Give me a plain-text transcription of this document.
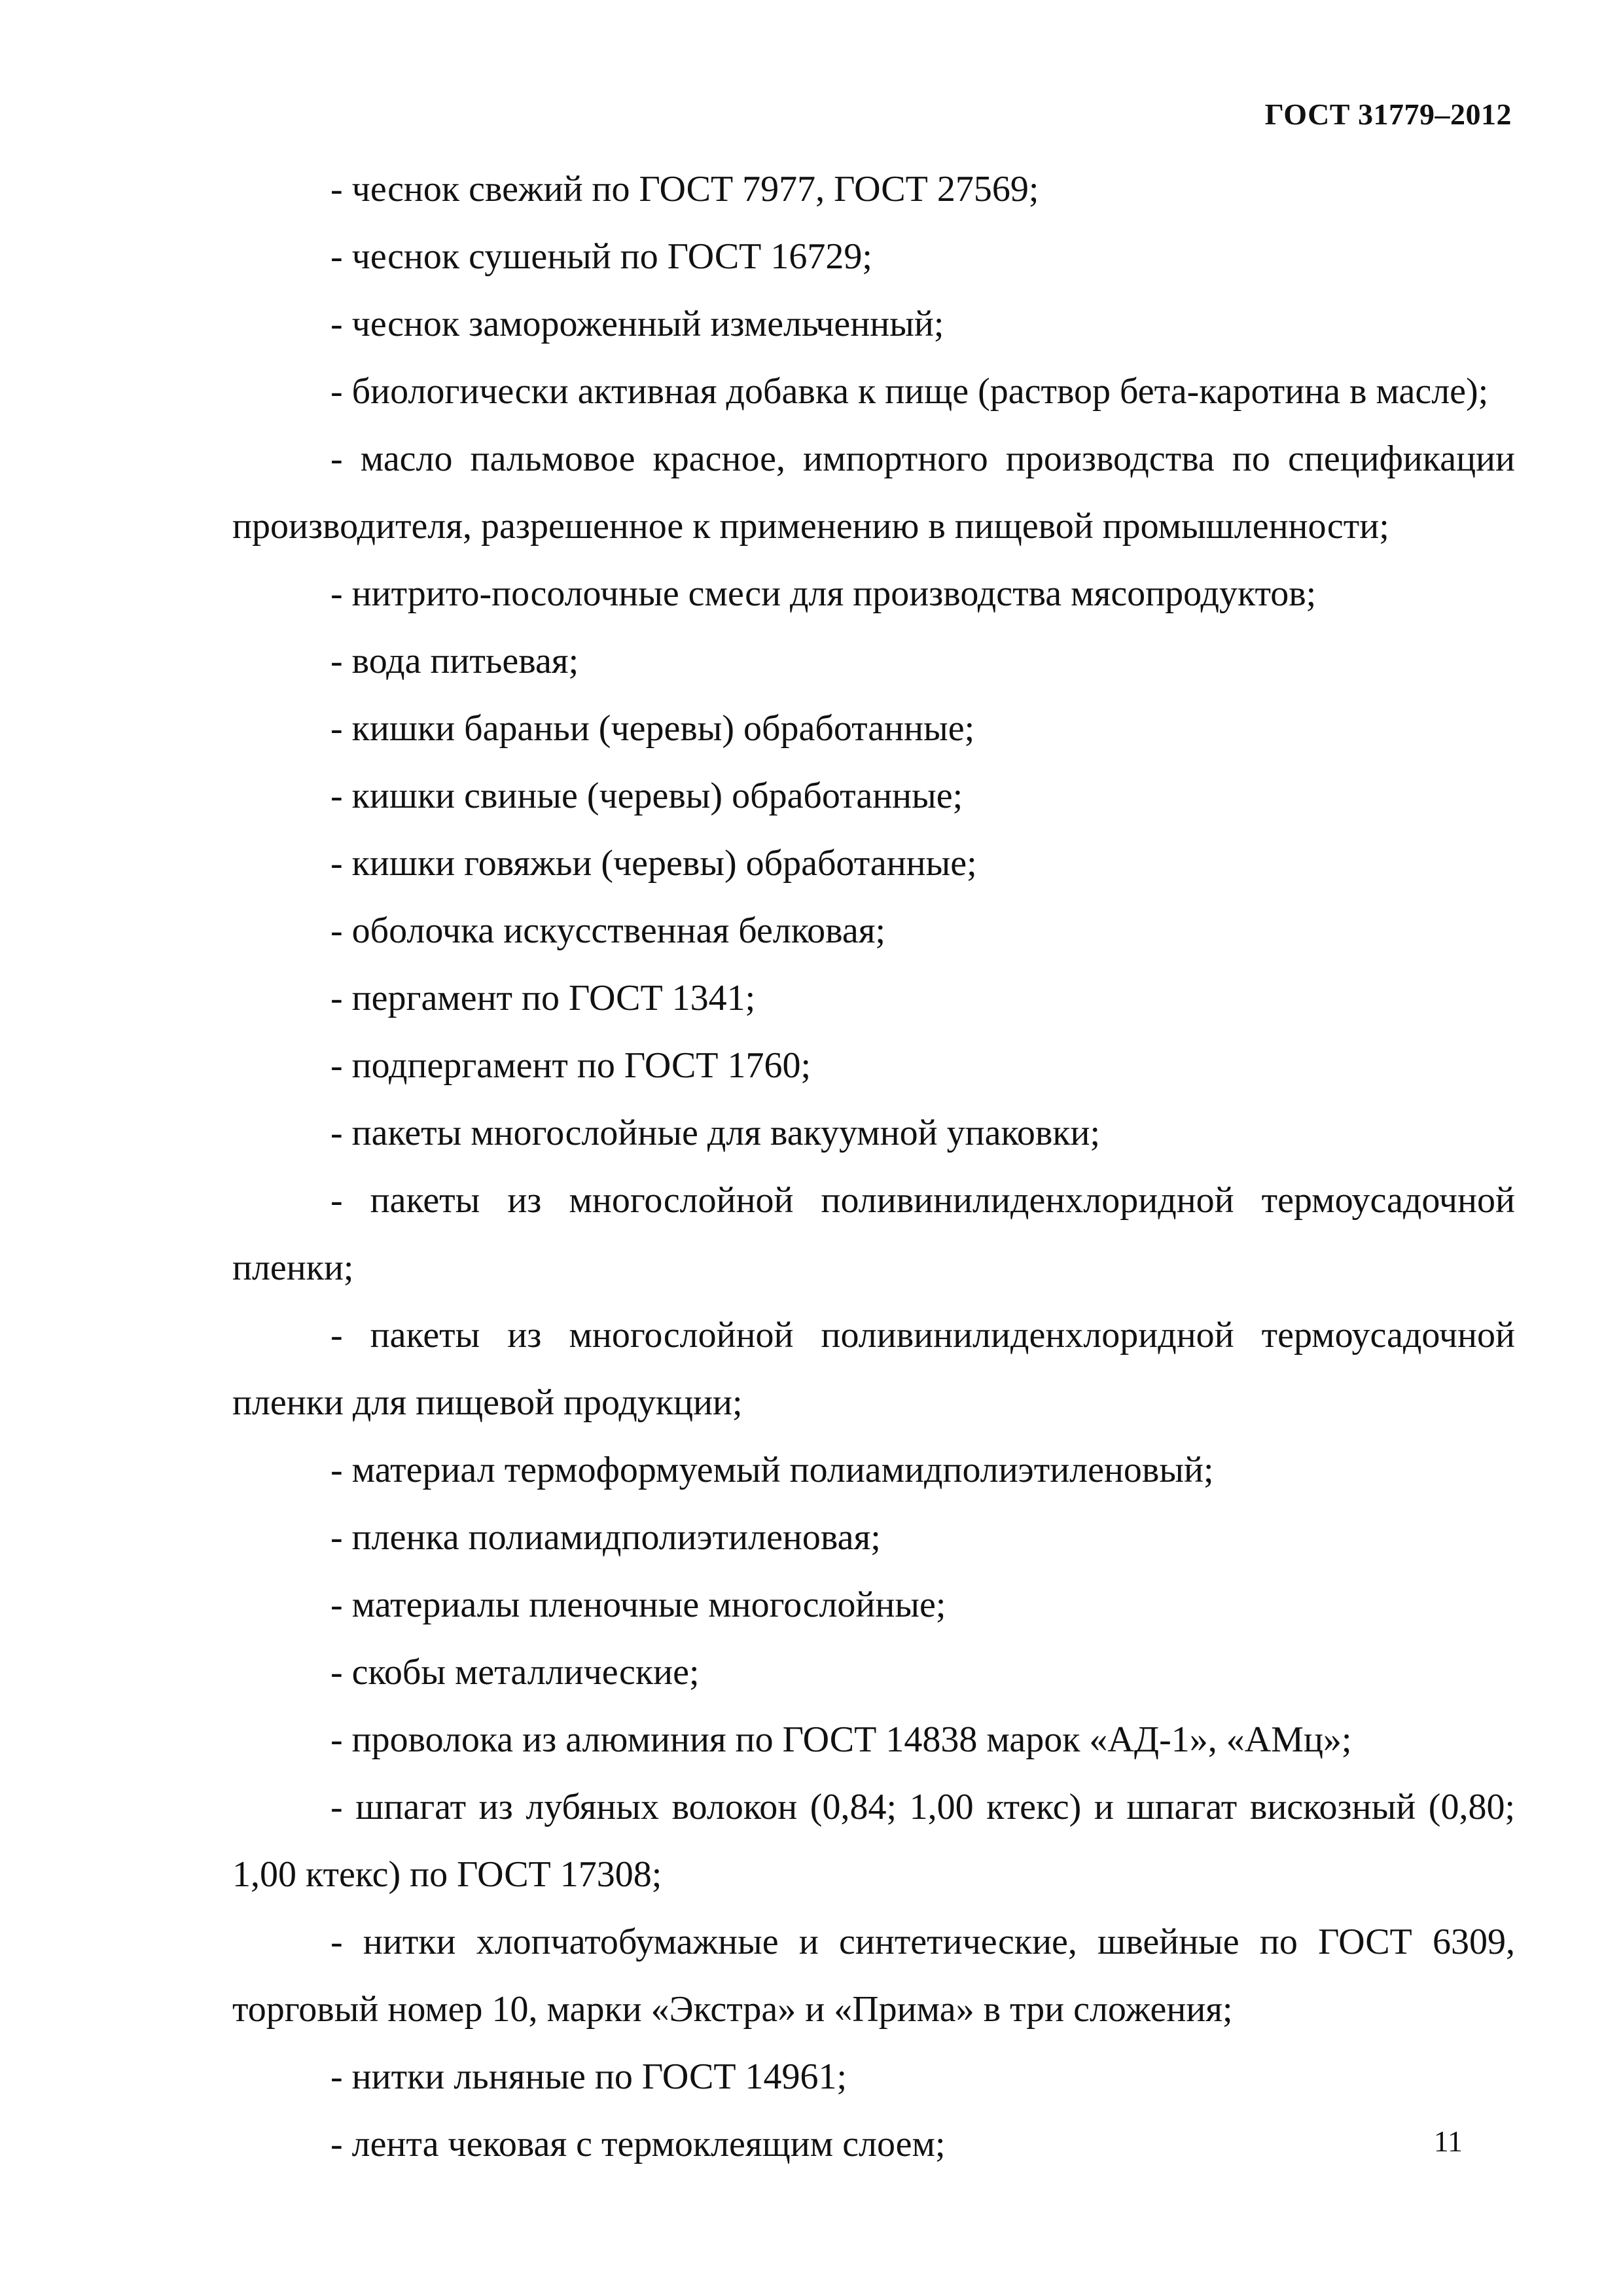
ГОСТ 31779–2012

- чеснок свежий по ГОСТ 7977, ГОСТ 27569;

- чеснок сушеный по ГОСТ 16729;

- чеснок замороженный измельченный;

- биологически активная добавка к пище (раствор бета-каротина в масле);

- масло пальмовое красное, импортного производства по спецификации производителя, разрешенное к применению в пищевой промышленности;

- нитрито-посолочные смеси для производства мясопродуктов;

- вода питьевая;

- кишки бараньи (черевы) обработанные;

- кишки свиные (черевы) обработанные;

- кишки говяжьи (черевы) обработанные;

- оболочка искусственная белковая;

- пергамент по ГОСТ 1341;

- подпергамент по ГОСТ 1760;

- пакеты многослойные для вакуумной упаковки;

- пакеты из многослойной поливинилиденхлоридной термоусадочной пленки;

- пакеты из многослойной поливинилиденхлоридной термоусадочной пленки для пищевой продукции;

- материал термоформуемый полиамидполиэтиленовый;

- пленка полиамидполиэтиленовая;

- материалы пленочные многослойные;

- скобы металлические;

- проволока из алюминия по ГОСТ 14838 марок «АД-1», «АМц»;

- шпагат из лубяных волокон (0,84; 1,00 ктекс) и шпагат вискозный (0,80; 1,00 ктекс) по ГОСТ 17308;

- нитки хлопчатобумажные и синтетические, швейные по ГОСТ 6309, торговый номер 10, марки «Экстра» и «Прима» в три сложения;

- нитки льняные по ГОСТ 14961;

- лента чековая с термоклеящим слоем;	11
